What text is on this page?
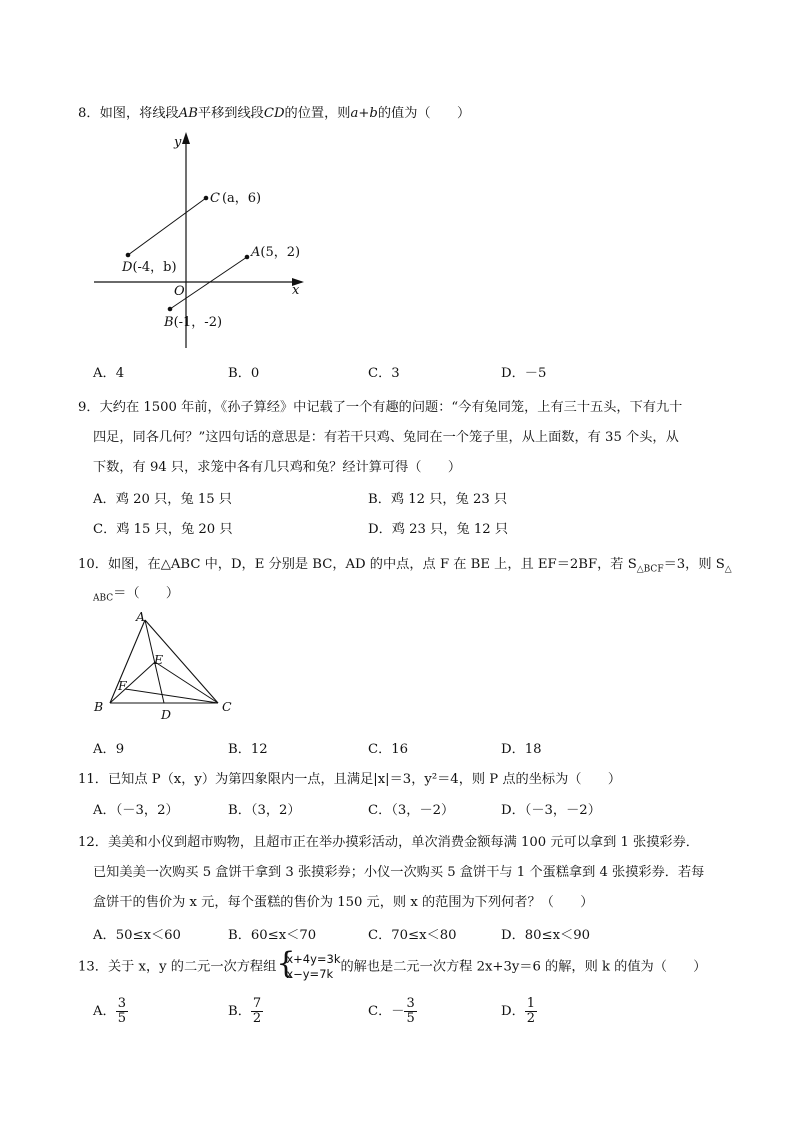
8．如图，将线段AB平移到线段CD的位置，则a+b的值为（　　）
x
y
O
C (a，6)
D(-4，b)
A(5，2)
B(-1，-2)
A．4	B．0	C．3	D．－5
9．大约在 1500 年前，《孙子算经》中记载了一个有趣的问题：“今有兔同笼，上有三十五头，下有九十
四足，同各几何？”这四句话的意思是：有若干只鸡、兔同在一个笼子里，从上面数，有 35 个头，从
下数，有 94 只，求笼中各有几只鸡和兔？经计算可得（　　）
A．鸡 20 只，兔 15 只	B．鸡 12 只，兔 23 只
C．鸡 15 只，兔 20 只	D．鸡 23 只，兔 12 只
10．如图，在△ABC 中，D，E 分别是 BC，AD 的中点，点 F 在 BE 上，且 EF＝2BF，若 $S_{\triangle BCF}=3$，则 $S_\triangle$
$_{ABC}$＝（　　）
A
B	C
D
E
F
A．9	B．12	C．16	D．18
11．已知点 P（x，y）为第四象限内一点，且满足|x|＝3，y²＝4，则 P 点的坐标为（　　）
A．（－3，2）	B．（3，2）	C．（3，－2）	D．（－3，－2）
12．美美和小仪到超市购物，且超市正在举办摸彩活动，单次消费金额每满 100 元可以拿到 1 张摸彩券．
已知美美一次购买 5 盒饼干拿到 3 张摸彩券；小仪一次购买 5 盒饼干与 1 个蛋糕拿到 4 张摸彩券．若每
盒饼干的售价为 x 元，每个蛋糕的售价为 150 元，则 x 的范围为下列何者？（　　）
A．50≤x＜60	B．60≤x＜70	C．70≤x＜80	D．80≤x＜90
13．关于 x，y 的二元一次方程组 {
x+4y=3k
x−y=7k 的解也是二元一次方程 2x+3y＝6 的解，则 k 的值为（　　）
A． $\frac{3}{5}$	B． $\frac{7}{2}$	C．－ $\frac{3}{5}$	D． $\frac{1}{2}$
